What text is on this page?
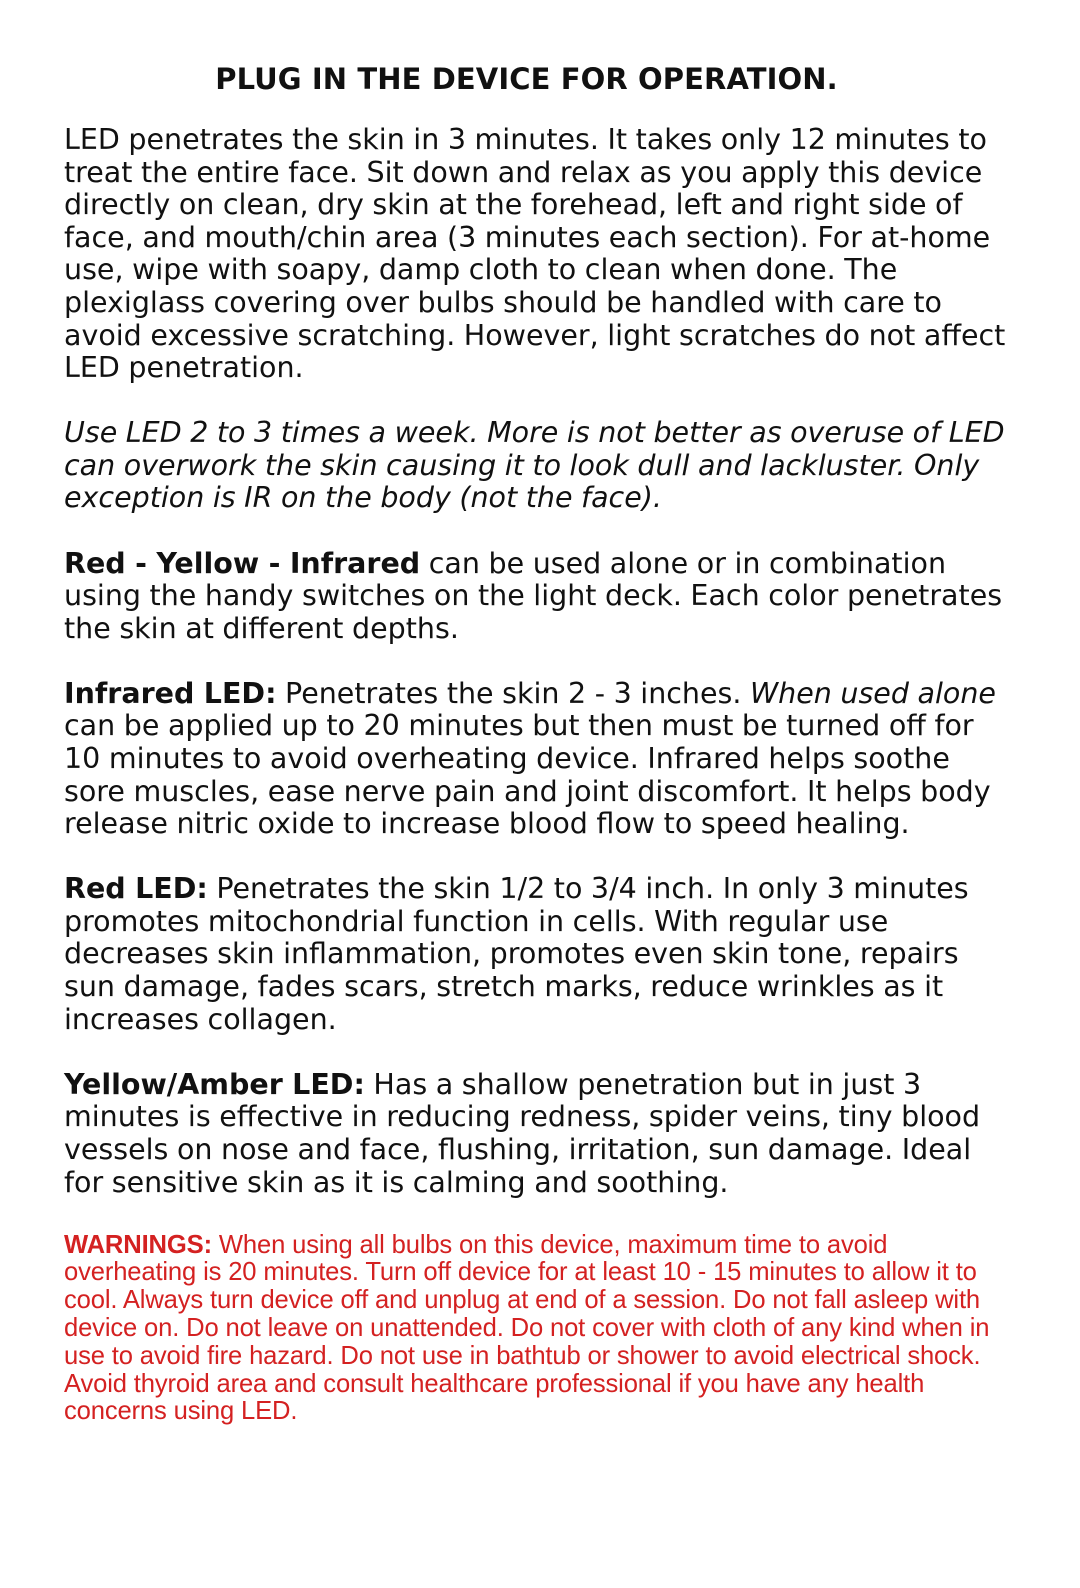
PLUG IN THE DEVICE FOR OPERATION.

LED penetrates the skin in 3 minutes. It takes only 12 minutes to treat the entire face. Sit down and relax as you apply this device directly on clean, dry skin at the forehead, left and right side of face, and mouth/chin area (3 minutes each section). For at-home use, wipe with soapy, damp cloth to clean when done. The plexiglass covering over bulbs should be handled with care to avoid excessive scratching. However, light scratches do not affect LED penetration.

Use LED 2 to 3 times a week. More is not better as overuse of LED can overwork the skin causing it to look dull and lackluster. Only exception is IR on the body (not the face).

Red - Yellow - Infrared can be used alone or in combination using the handy switches on the light deck. Each color penetrates the skin at different depths.

Infrared LED: Penetrates the skin 2 - 3 inches. When used alone can be applied up to 20 minutes but then must be turned off for 10 minutes to avoid overheating device. Infrared helps soothe sore muscles, ease nerve pain and joint discomfort. It helps body release nitric oxide to increase blood flow to speed healing.

Red LED: Penetrates the skin 1/2 to 3/4 inch. In only 3 minutes promotes mitochondrial function in cells. With regular use decreases skin inflammation, promotes even skin tone, repairs sun damage, fades scars, stretch marks, reduce wrinkles as it increases collagen.

Yellow/Amber LED: Has a shallow penetration but in just 3 minutes is effective in reducing redness, spider veins, tiny blood vessels on nose and face, flushing, irritation, sun damage. Ideal for sensitive skin as it is calming and soothing.

WARNINGS: When using all bulbs on this device, maximum time to avoid overheating is 20 minutes. Turn off device for at least 10 - 15 minutes to allow it to cool. Always turn device off and unplug at end of a session. Do not fall asleep with device on. Do not leave on unattended. Do not cover with cloth of any kind when in use to avoid fire hazard. Do not use in bathtub or shower to avoid electrical shock. Avoid thyroid area and consult healthcare professional if you have any health concerns using LED.
